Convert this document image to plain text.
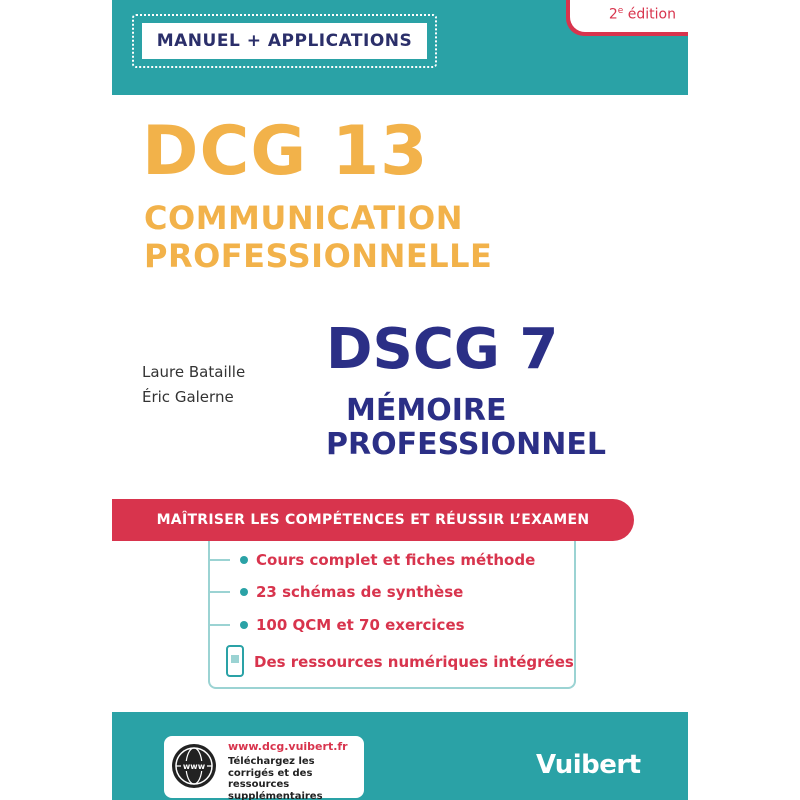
MANUEL + APPLICATIONS
2e édition
DCG 13
COMMUNICATION
PROFESSIONNELLE
Laure Bataille
Éric Galerne
DSCG 7
MÉMOIRE
PROFESSIONNEL
MAÎTRISER LES COMPÉTENCES ET RÉUSSIR L’EXAMEN
Cours complet et fiches méthode
23 schémas de synthèse
100 QCM et 70 exercices
Des ressources numériques intégrées
www
www.dcg.vuibert.fr
Téléchargez les corrigés et des ressources supplémentaires
Vuibert
